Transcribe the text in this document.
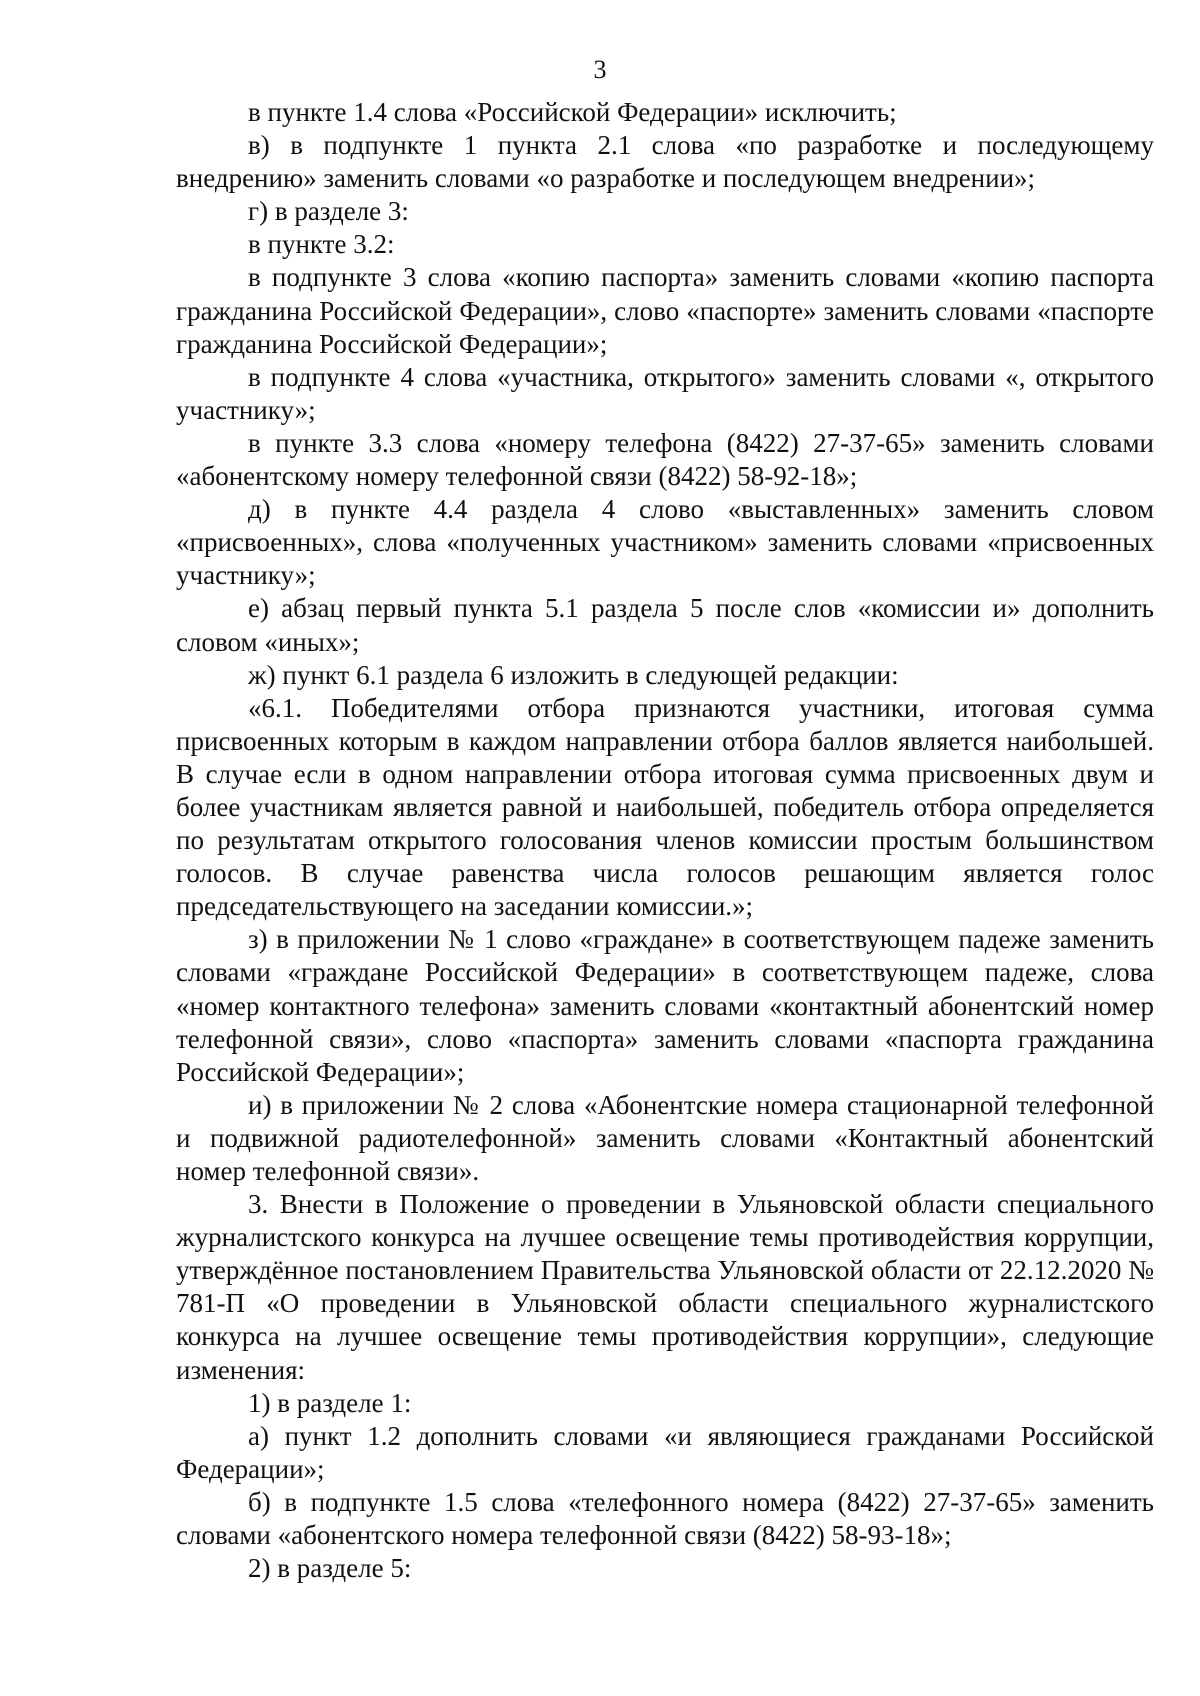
3

в пункте 1.4 слова «Российской Федерации» исключить;

в) в подпункте 1 пункта 2.1 слова «по разработке и последующему внедрению» заменить словами «о разработке и последующем внедрении»;

г) в разделе 3:

в пункте 3.2:

в подпункте 3 слова «копию паспорта» заменить словами «копию паспорта гражданина Российской Федерации», слово «паспорте» заменить словами «паспорте гражданина Российской Федерации»;

в подпункте 4 слова «участника, открытого» заменить словами «, открытого участнику»;

в пункте 3.3 слова «номеру телефона (8422) 27-37-65» заменить словами «абонентскому номеру телефонной связи (8422) 58-92-18»;

д) в пункте 4.4 раздела 4 слово «выставленных» заменить словом «присвоенных», слова «полученных участником» заменить словами «присвоенных участнику»;

е) абзац первый пункта 5.1 раздела 5 после слов «комиссии и» дополнить словом «иных»;

ж) пункт 6.1 раздела 6 изложить в следующей редакции:

«6.1. Победителями отбора признаются участники, итоговая сумма присвоенных которым в каждом направлении отбора баллов является наибольшей. В случае если в одном направлении отбора итоговая сумма присвоенных двум и более участникам является равной и наибольшей, победитель отбора определяется по результатам открытого голосования членов комиссии простым большинством голосов. В случае равенства числа голосов решающим является голос председательствующего на заседании комиссии.»;

з) в приложении № 1 слово «граждане» в соответствующем падеже заменить словами «граждане Российской Федерации» в соответствующем падеже, слова «номер контактного телефона» заменить словами «контактный абонентский номер телефонной связи», слово «паспорта» заменить словами «паспорта гражданина Российской Федерации»;

и) в приложении № 2 слова «Абонентские номера стационарной телефонной и подвижной радиотелефонной» заменить словами «Контактный абонентский номер телефонной связи».

3. Внести в Положение о проведении в Ульяновской области специального журналистского конкурса на лучшее освещение темы противодействия коррупции, утверждённое постановлением Правительства Ульяновской области от 22.12.2020 № 781-П «О проведении в Ульяновской области специального журналистского конкурса на лучшее освещение темы противодействия коррупции», следующие изменения:

1) в разделе 1:

а) пункт 1.2 дополнить словами «и являющиеся гражданами Российской Федерации»;

б) в подпункте 1.5 слова «телефонного номера (8422) 27-37-65» заменить словами «абонентского номера телефонной связи (8422) 58-93-18»;

2) в разделе 5:
